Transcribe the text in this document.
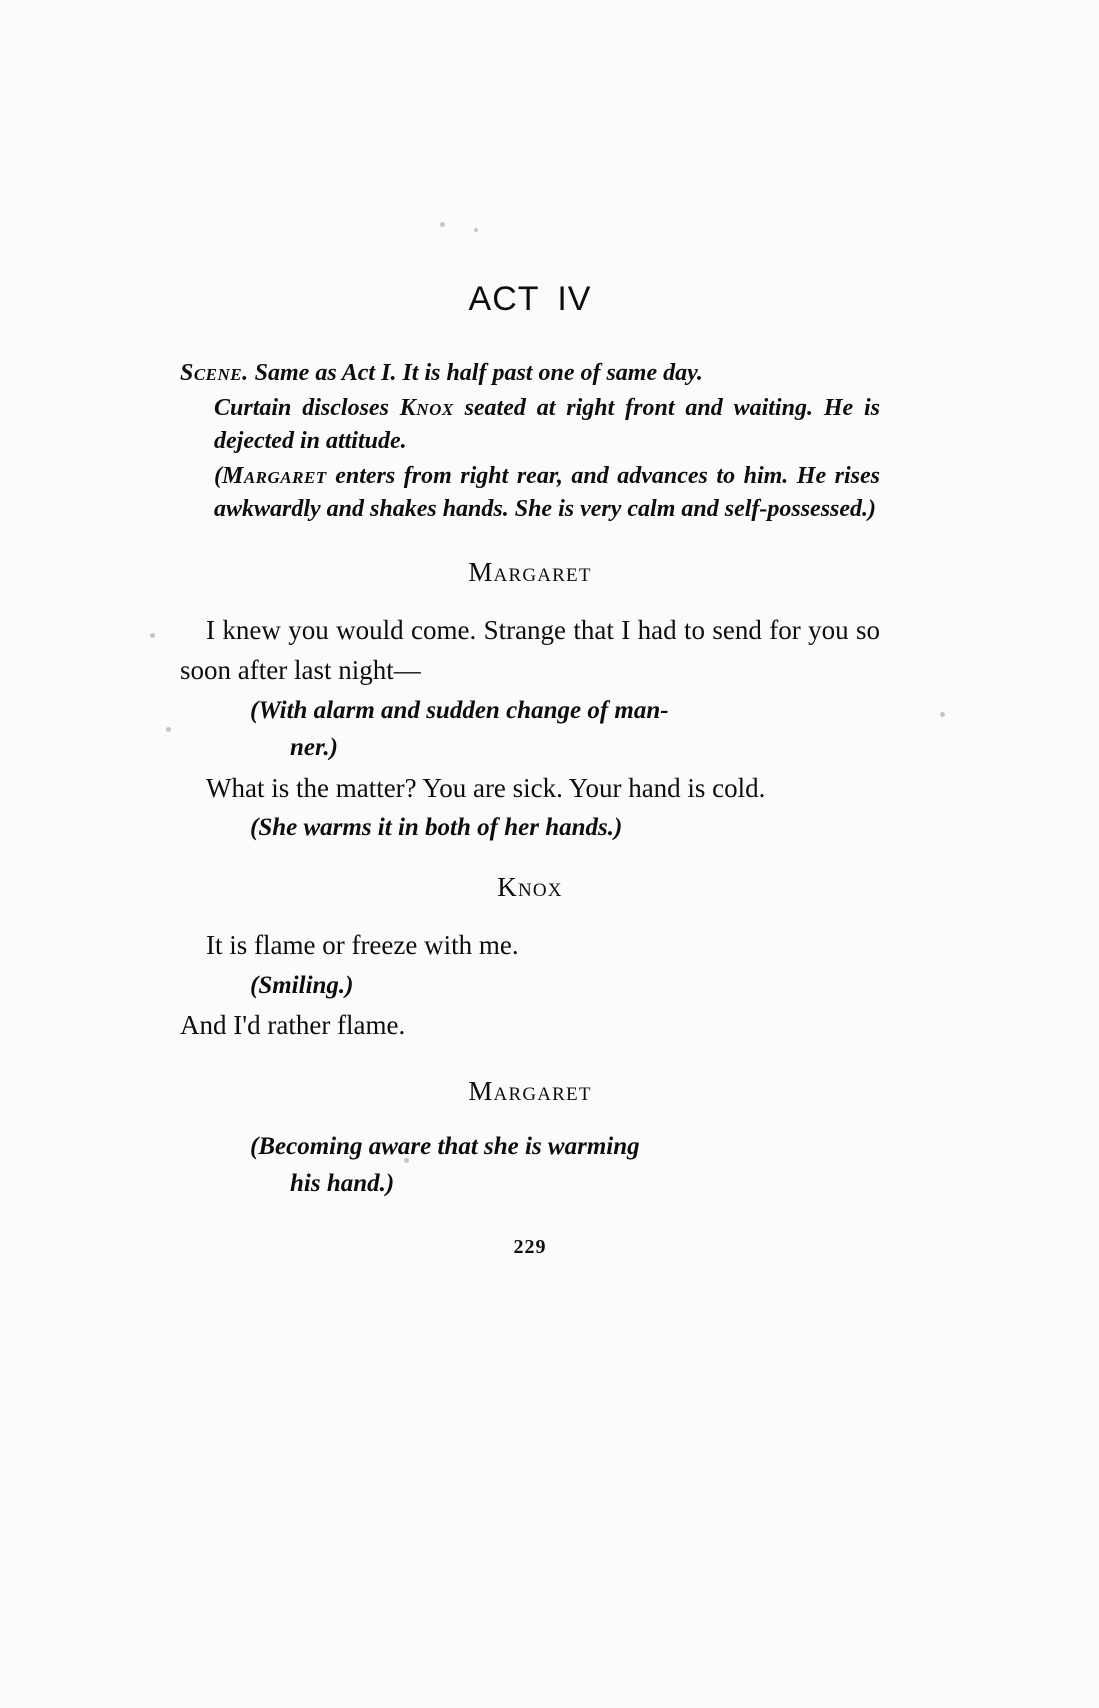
ACT IV

Scene. Same as Act I. It is half past one of same day.

Curtain discloses Knox seated at right front and waiting. He is dejected in attitude.

(Margaret enters from right rear, and advances to him. He rises awkwardly and shakes hands. She is very calm and self-possessed.)

Margaret

I knew you would come. Strange that I had to send for you so soon after last night—

(With alarm and sudden change of man-

ner.)

What is the matter? You are sick. Your hand is cold.

(She warms it in both of her hands.)

Knox

It is flame or freeze with me.

(Smiling.)

And I'd rather flame.

Margaret

(Becoming aware that she is warming

his hand.)

229
